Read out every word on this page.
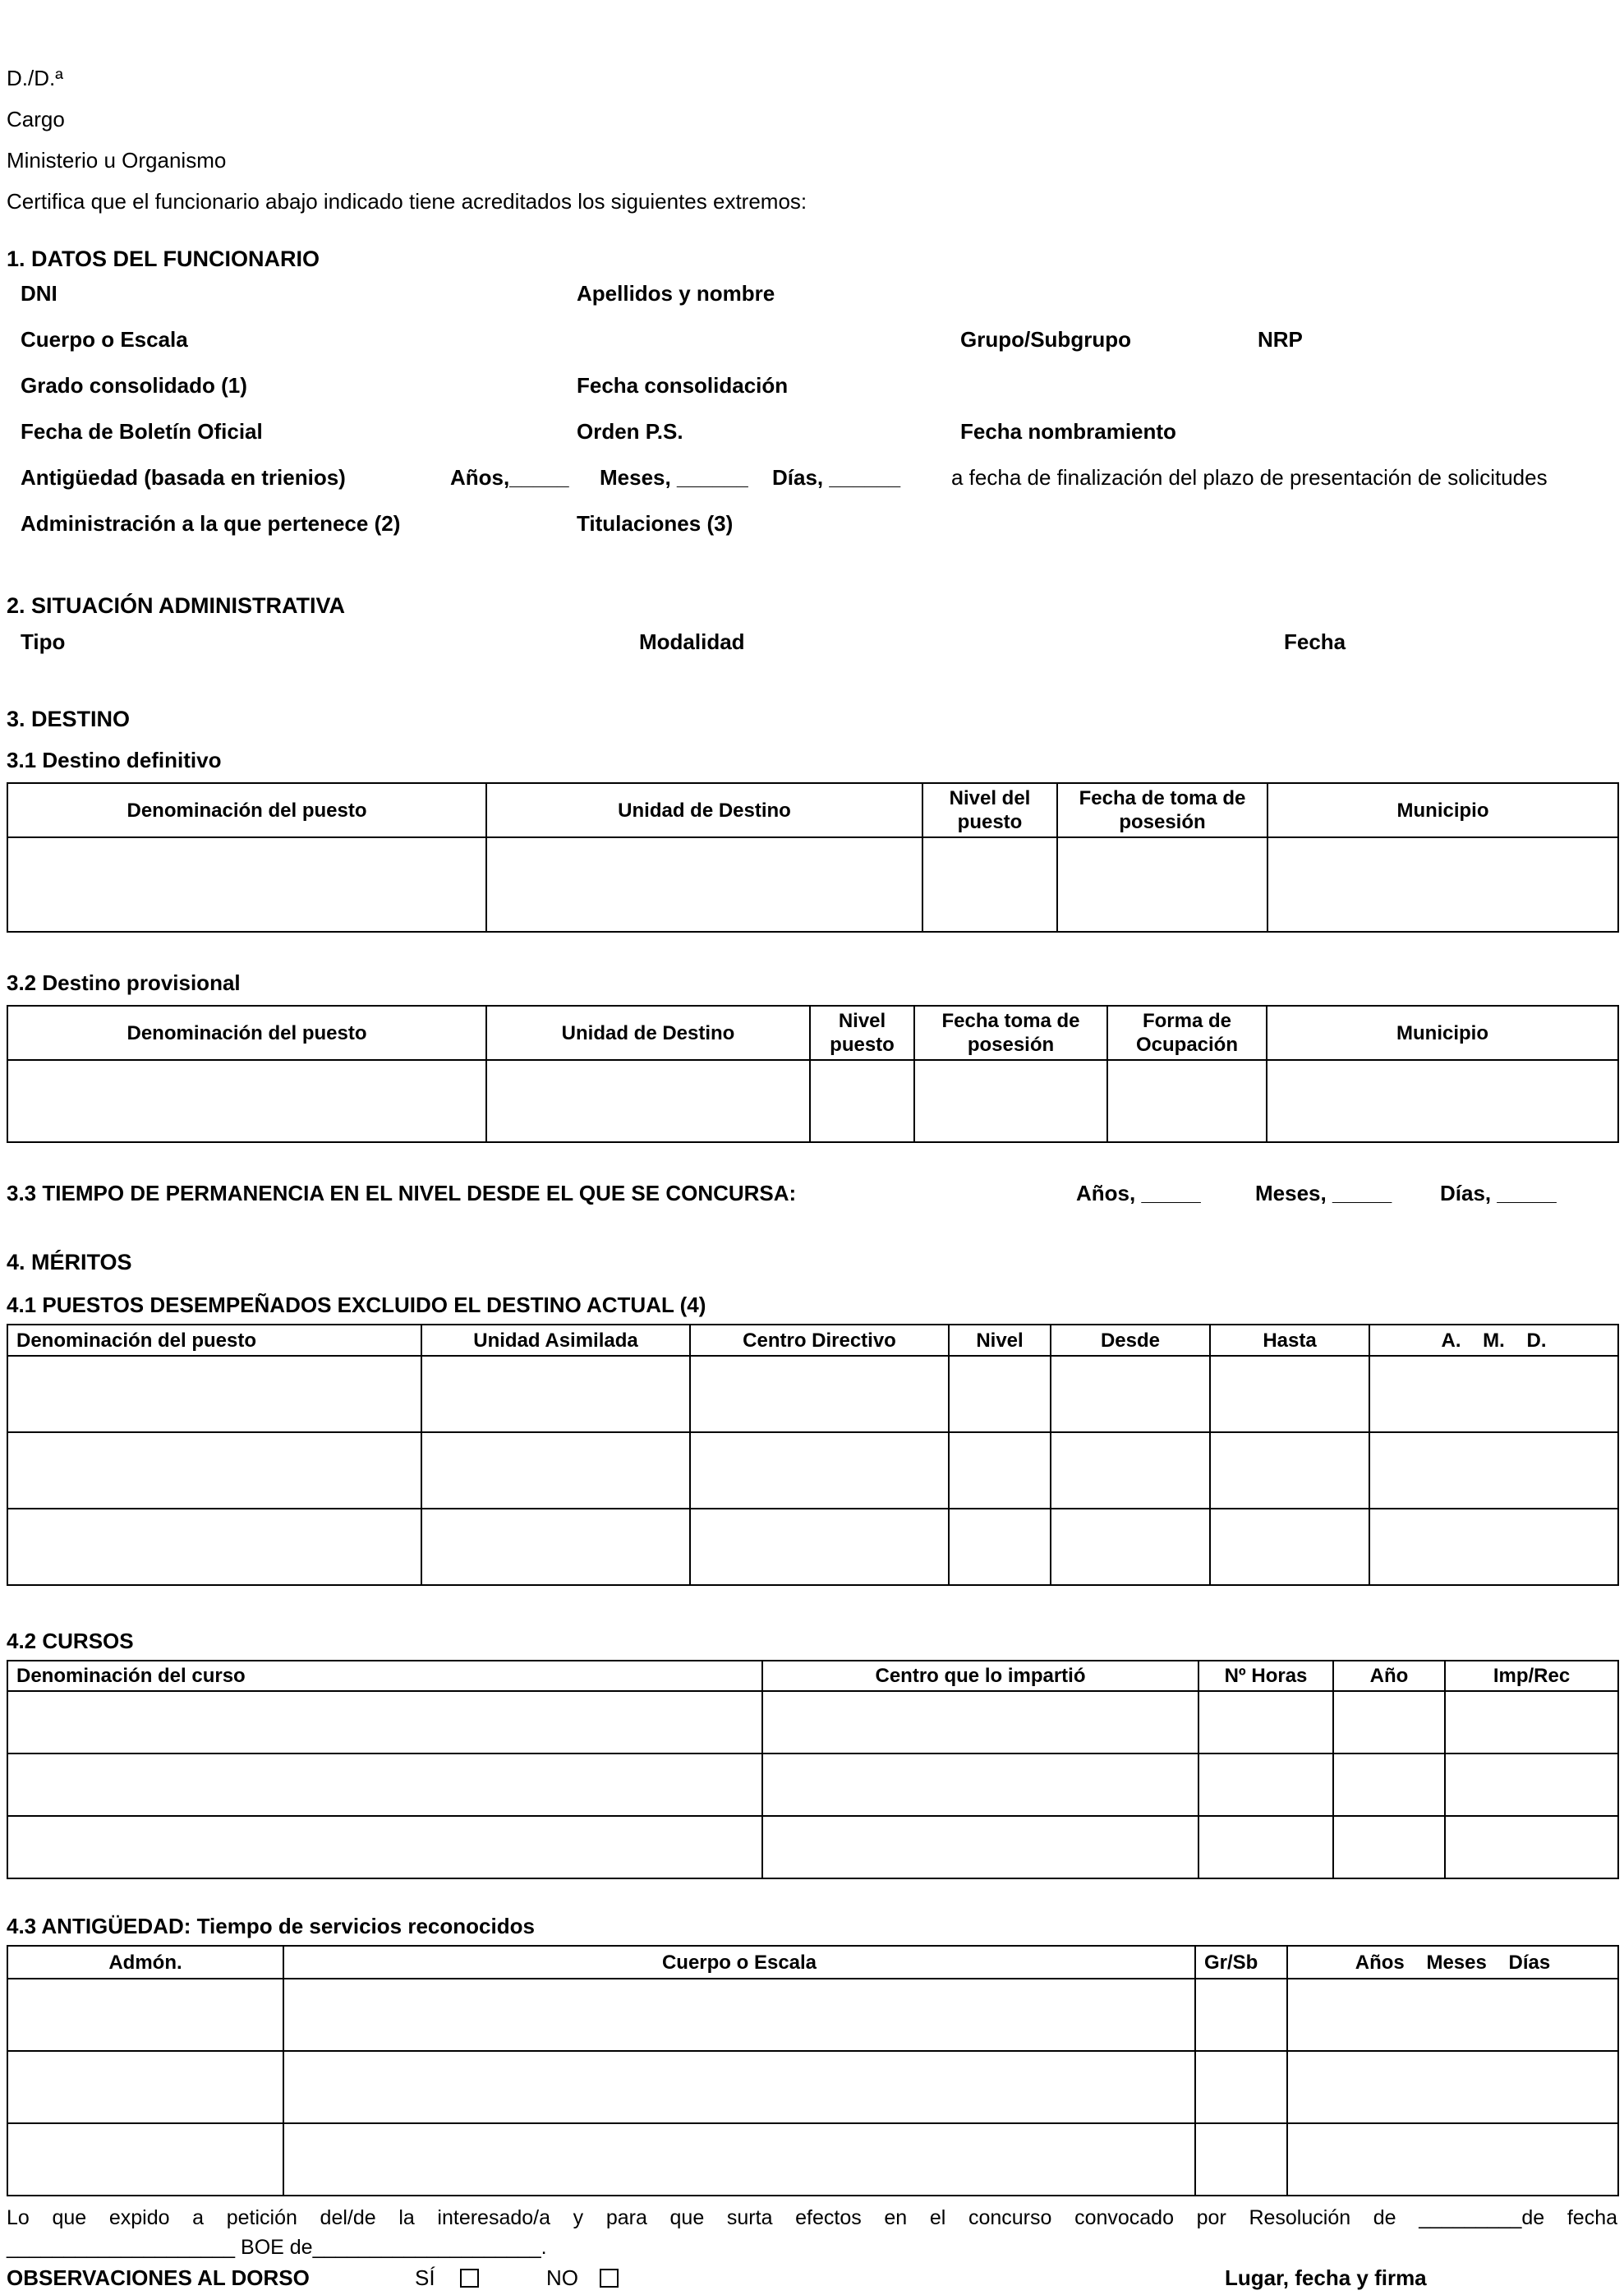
D./D.ª
Cargo
Ministerio u Organismo
Certifica que el funcionario abajo indicado tiene acreditados los siguientes extremos:
1. DATOS DEL FUNCIONARIO
DNI	Apellidos y nombre
Cuerpo o Escala	Grupo/Subgrupo	NRP
Grado consolidado (1)	Fecha consolidación
Fecha de Boletín Oficial	Orden P.S.	Fecha nombramiento
Antigüedad (basada en trienios)	Años,_____ Meses, ______ Días, ______ a fecha de finalización del plazo de presentación de solicitudes
Administración a la que pertenece (2)	Titulaciones (3)
2. SITUACIÓN ADMINISTRATIVA
Tipo	Modalidad	Fecha
3. DESTINO
3.1 Destino definitivo
Denominación del puesto	Unidad de Destino	Nivel del puesto	Fecha de toma de posesión	Municipio

3.2 Destino provisional
Denominación del puesto	Unidad de Destino	Nivel puesto	Fecha toma de posesión	Forma de Ocupación	Municipio

3.3 TIEMPO DE PERMANENCIA EN EL NIVEL DESDE EL QUE SE CONCURSA:	Años, _____	Meses, _____ Días, _____
4. MÉRITOS
4.1 PUESTOS DESEMPEÑADOS EXCLUIDO EL DESTINO ACTUAL (4)
Denominación del puesto	Unidad Asimilada	Centro Directivo	Nivel	Desde	Hasta	A.    M.    D.

4.2 CURSOS
Denominación del curso	Centro que lo impartió	Nº Horas	Año	Imp/Rec

4.3 ANTIGÜEDAD: Tiempo de servicios reconocidos
Admón.	Cuerpo o Escala	Gr/Sb	Años    Meses    Días

Lo que expido a petición del/de la interesado/a y para que surta efectos en el concurso convocado por Resolución de _________de fecha
____________________ BOE de____________________.
OBSERVACIONES AL DORSO	SÍ	NO	Lugar, fecha y firma
